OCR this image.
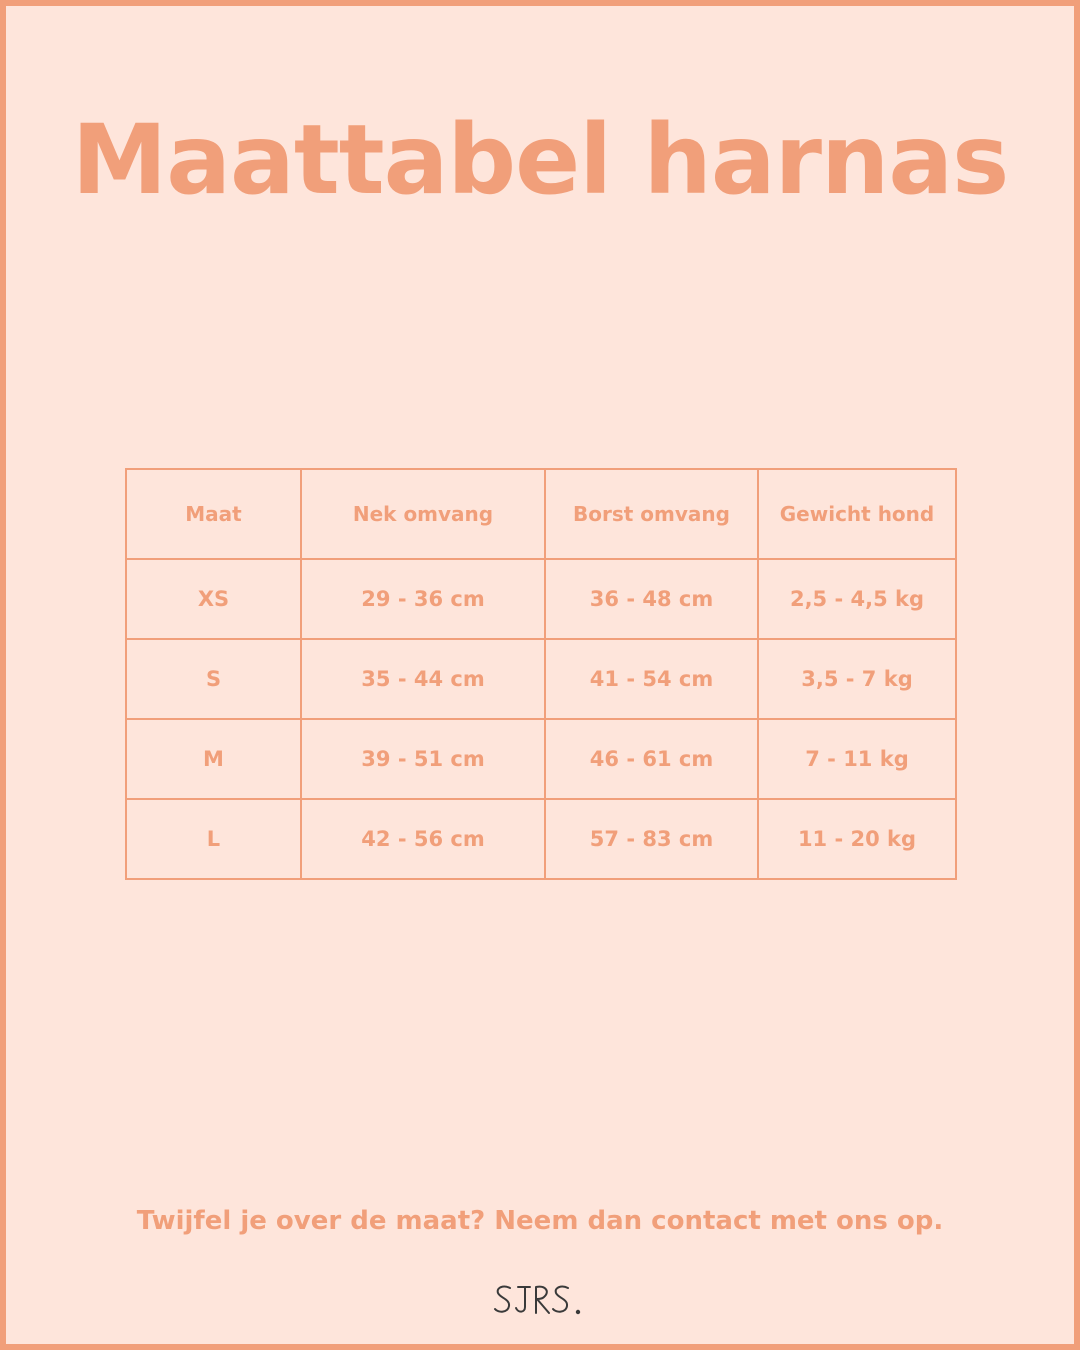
Maattabel harnas
Maat	Nek omvang	Borst omvang	Gewicht hond
XS	29 - 36 cm	36 - 48 cm	2,5 - 4,5 kg
S	35 - 44 cm	41 - 54 cm	3,5 - 7 kg
M	39 - 51 cm	46 - 61 cm	7 - 11 kg
L	42 - 56 cm	57 - 83 cm	11 - 20 kg

Twijfel je over de maat? Neem dan contact met ons op.
